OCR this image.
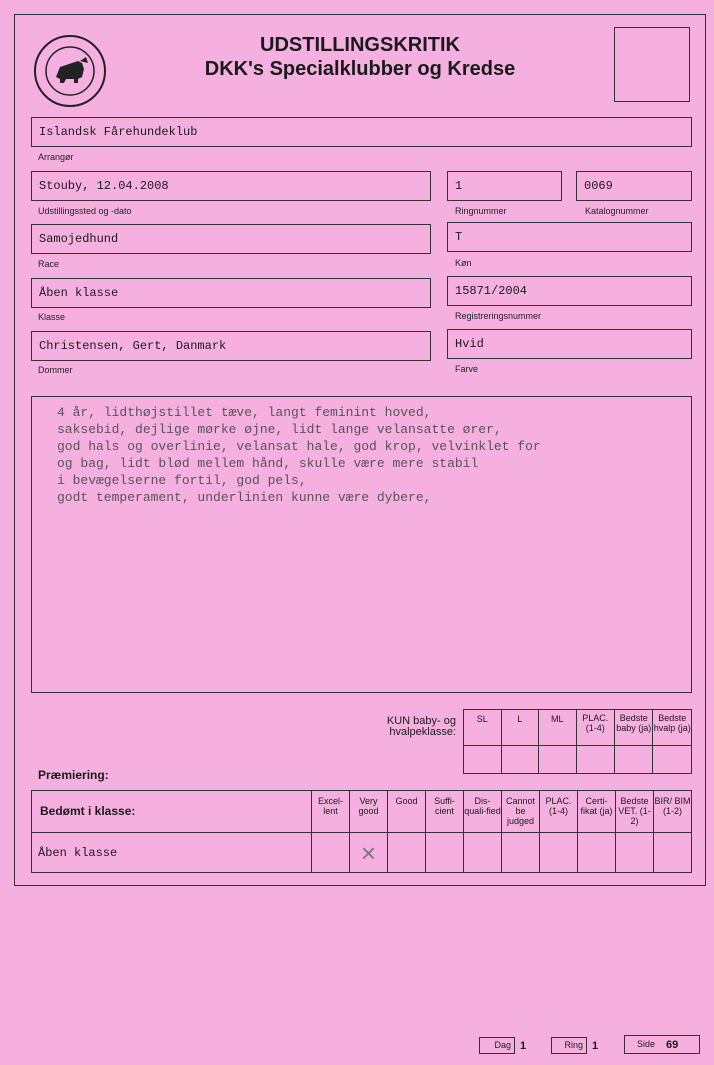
UDSTILLINGSKRITIK
DKK's Specialklubber og Kredse
Islandsk Fårehundeklub
Arrangør
Stouby, 12.04.2008
Udstillingssted og -dato
1
Ringnummer
0069
Katalognummer
Samojedhund
Race
T
Køn
Åben klasse
Klasse
15871/2004
Registreringsnummer
Christensen, Gert, Danmark
Dommer
Hvid
Farve
4 år, lidthøjstillet tæve, langt feminint hoved,
saksebid, dejlige mørke øjne, lidt lange velansatte ører,
god hals og overlinie, velansat hale, god krop, velvinklet for
og bag, lidt blød mellem hånd, skulle være mere stabil
i bevægelserne fortil, god pels,
godt temperament, underlinien kunne være dybere,
KUN baby- og
hvalpeklasse:
SL	L	ML	PLAC. (1-4)	Bedste baby (ja)	Bedste hvalp (ja)

Præmiering:
Bedømt i klasse:	Excel-lent	Very good	Good	Suffi-cient	Dis-quali-fied	Cannot be judged	PLAC. (1-4)	Certi-fikat (ja)	Bedste VET. (1-2)	BIR/ BIM (1-2)
Åben klasse		×								
Dag 1	Ring 1	Side 69
